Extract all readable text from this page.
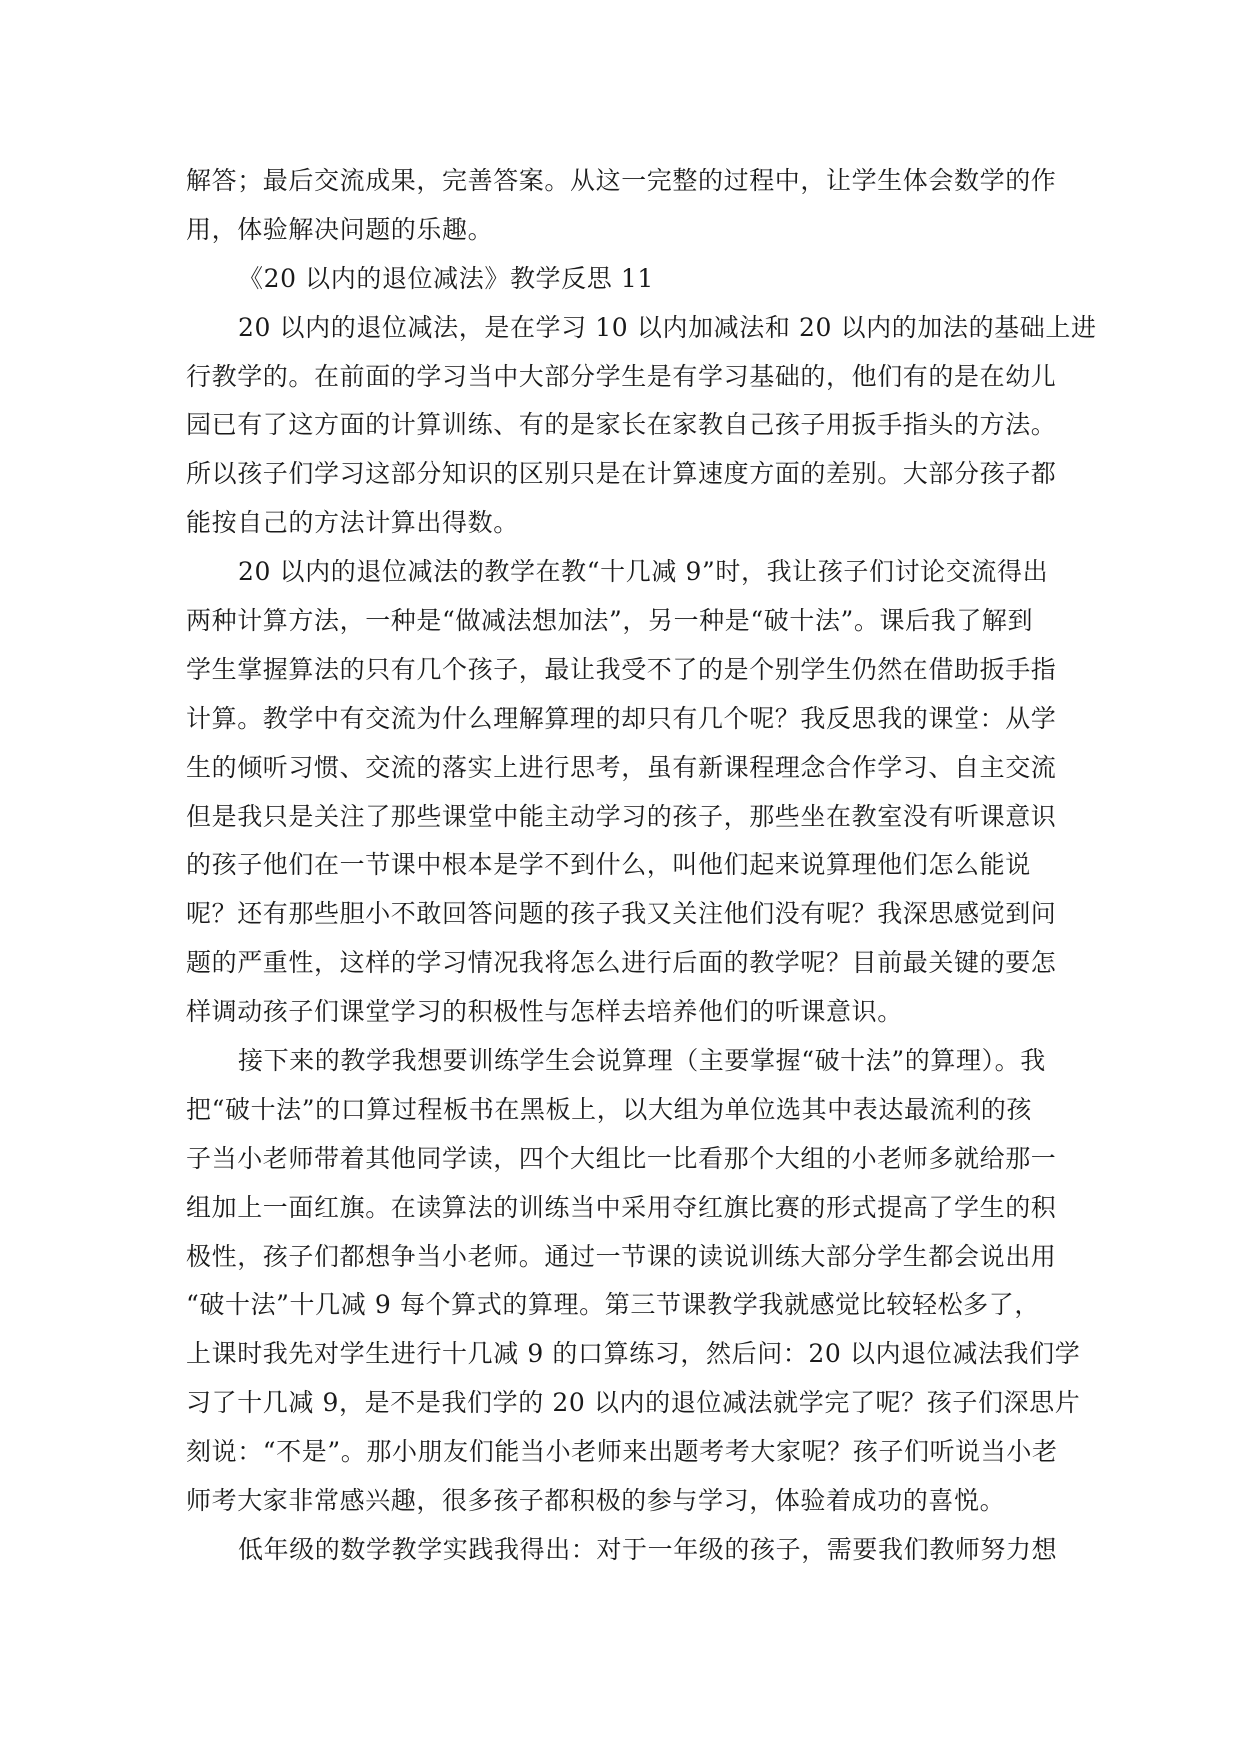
解答；最后交流成果，完善答案。从这一完整的过程中，让学生体会数学的作
用，体验解决问题的乐趣。
《20 以内的退位减法》教学反思 11
20 以内的退位减法，是在学习 10 以内加减法和 20 以内的加法的基础上进
行教学的。在前面的学习当中大部分学生是有学习基础的，他们有的是在幼儿
园已有了这方面的计算训练、有的是家长在家教自己孩子用扳手指头的方法。
所以孩子们学习这部分知识的区别只是在计算速度方面的差别。大部分孩子都
能按自己的方法计算出得数。
20 以内的退位减法的教学在教“十几减 9”时，我让孩子们讨论交流得出
两种计算方法，一种是“做减法想加法”，另一种是“破十法”。课后我了解到
学生掌握算法的只有几个孩子，最让我受不了的是个别学生仍然在借助扳手指
计算。教学中有交流为什么理解算理的却只有几个呢？我反思我的课堂：从学
生的倾听习惯、交流的落实上进行思考，虽有新课程理念合作学习、自主交流
但是我只是关注了那些课堂中能主动学习的孩子，那些坐在教室没有听课意识
的孩子他们在一节课中根本是学不到什么，叫他们起来说算理他们怎么能说
呢？还有那些胆小不敢回答问题的孩子我又关注他们没有呢？我深思感觉到问
题的严重性，这样的学习情况我将怎么进行后面的教学呢？目前最关键的要怎
样调动孩子们课堂学习的积极性与怎样去培养他们的听课意识。
接下来的教学我想要训练学生会说算理（主要掌握“破十法”的算理）。我
把“破十法”的口算过程板书在黑板上，以大组为单位选其中表达最流利的孩
子当小老师带着其他同学读，四个大组比一比看那个大组的小老师多就给那一
组加上一面红旗。在读算法的训练当中采用夺红旗比赛的形式提高了学生的积
极性，孩子们都想争当小老师。通过一节课的读说训练大部分学生都会说出用
“破十法”十几减 9 每个算式的算理。第三节课教学我就感觉比较轻松多了，
上课时我先对学生进行十几减 9 的口算练习，然后问：20 以内退位减法我们学
习了十几减 9，是不是我们学的 20 以内的退位减法就学完了呢？孩子们深思片
刻说：“不是”。那小朋友们能当小老师来出题考考大家呢？孩子们听说当小老
师考大家非常感兴趣，很多孩子都积极的参与学习，体验着成功的喜悦。
低年级的数学教学实践我得出：对于一年级的孩子，需要我们教师努力想
